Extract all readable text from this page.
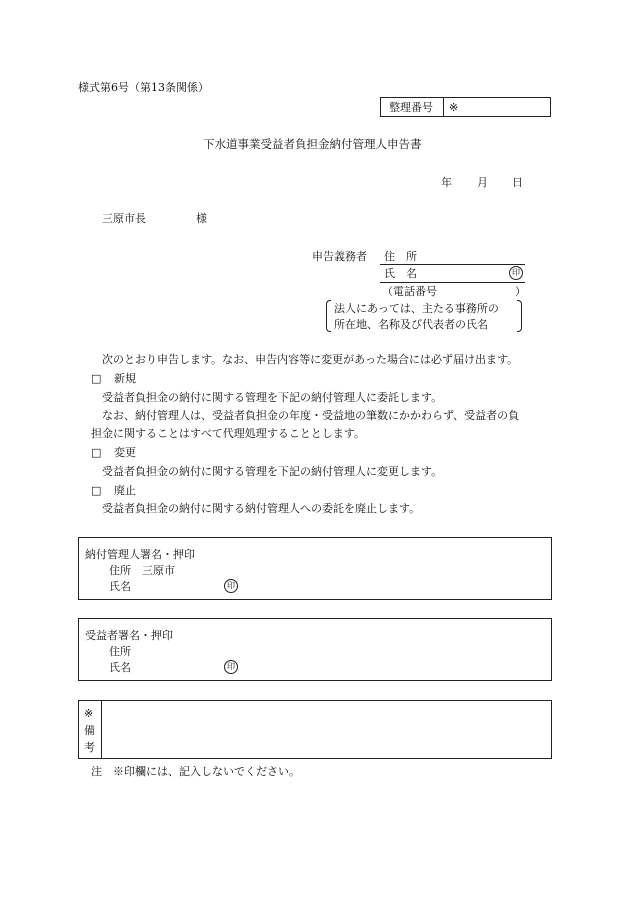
様式第6号（第13条関係）
整理番号 ※
下水道事業受益者負担金納付管理人申告書
年 月 日
三原市長	様
申告義務者 住　所
氏　名	印
（電話番号	）
法人にあっては、主たる事務所の
所在地、名称及び代表者の氏名
次のとおり申告します。なお、申告内容等に変更があった場合には必ず届け出ます。
□ 新規
受益者負担金の納付に関する管理を下記の納付管理人に委託します。
なお、納付管理人は、受益者負担金の年度・受益地の筆数にかかわらず、受益者の負
担金に関することはすべて代理処理することとします。
□ 変更
受益者負担金の納付に関する管理を下記の納付管理人に変更します。
□ 廃止
受益者負担金の納付に関する納付管理人への委託を廃止します。
納付管理人署名・押印
住所　三原市
氏名	印
受益者署名・押印
住所
氏名	印
※
備
考
注　※印欄には、記入しないでください。
